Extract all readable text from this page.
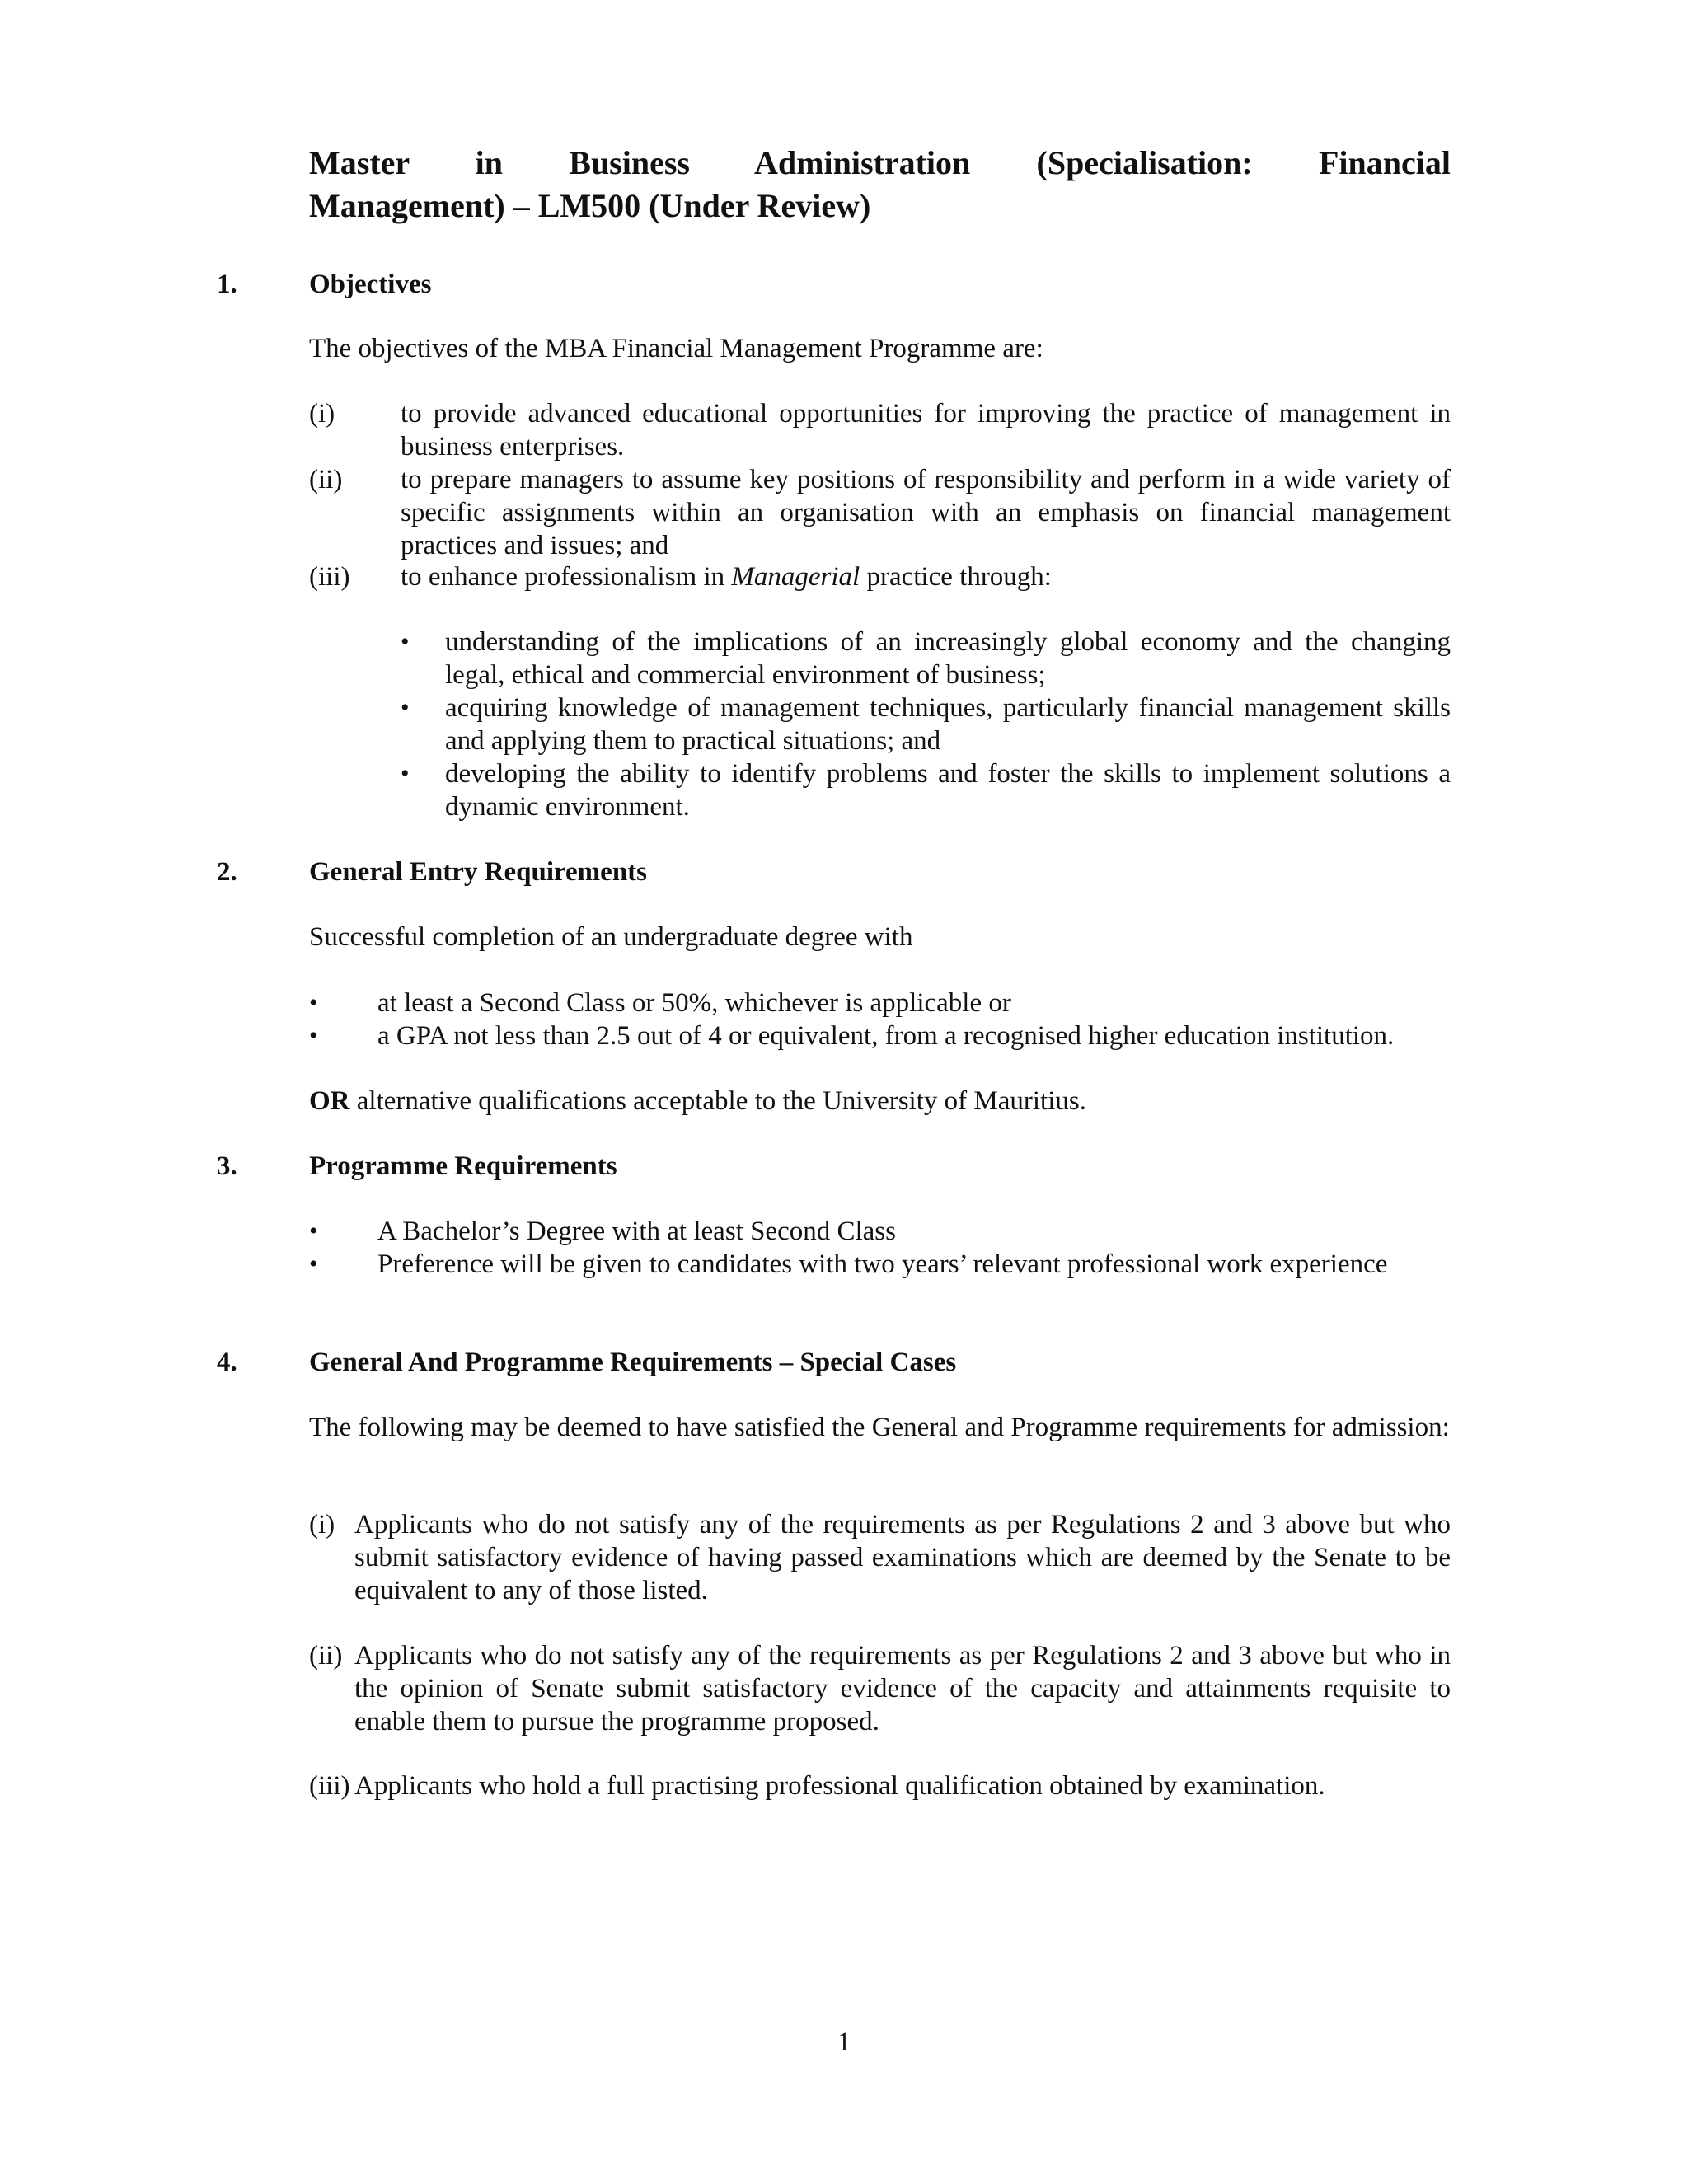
Master in Business Administration (Specialisation: Financial
Management) – LM500 (Under Review)
1.	Objectives
The objectives of the MBA Financial Management Programme are:
(i)	to provide advanced educational opportunities for improving the practice of management in business enterprises.
(ii)	to prepare managers to assume key positions of responsibility and perform in a wide variety of specific assignments within an organisation with an emphasis on financial management practices and issues; and
(iii)	to enhance professionalism in Managerial practice through:
•	understanding of the implications of an increasingly global economy and the changing legal, ethical and commercial environment of business;
•	acquiring knowledge of management techniques, particularly financial management skills and applying them to practical situations; and
•	developing the ability to identify problems and foster the skills to implement solutions a dynamic environment.
2.	General Entry Requirements
Successful completion of an undergraduate degree with
•	at least a Second Class or 50%, whichever is applicable or
•	a GPA not less than 2.5 out of 4 or equivalent, from a recognised higher education institution.
OR alternative qualifications acceptable to the University of Mauritius.
3.	Programme Requirements
•	A Bachelor’s Degree with at least Second Class
•	Preference will be given to candidates with two years’ relevant professional work experience
4.	General And Programme Requirements – Special Cases
The following may be deemed to have satisfied the General and Programme requirements for admission:
(i) Applicants who do not satisfy any of the requirements as per Regulations 2 and 3 above but who submit satisfactory evidence of having passed examinations which are deemed by the Senate to be equivalent to any of those listed.
(ii) Applicants who do not satisfy any of the requirements as per Regulations 2 and 3 above but who in the opinion of Senate submit satisfactory evidence of the capacity and attainments requisite to enable them to pursue the programme proposed.
(iii) Applicants who hold a full practising professional qualification obtained by examination.
1
